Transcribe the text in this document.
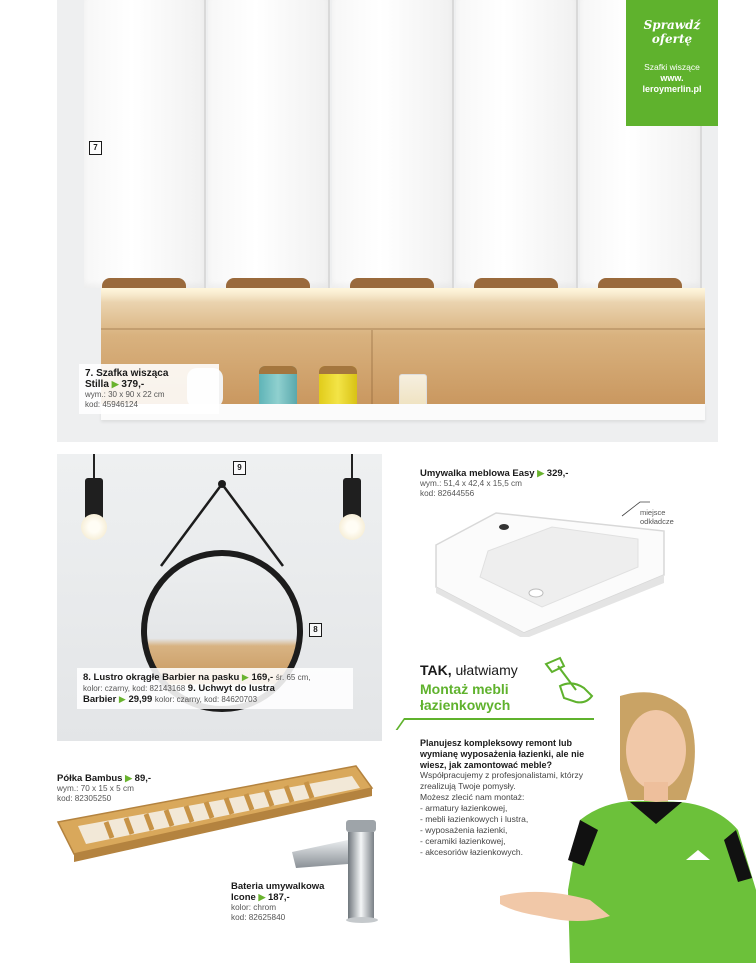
7
7. Szafka wisząca
Stilla ▶ 379,-
wym.: 30 x 90 x 22 cm
kod: 45946124
Sprawdź
ofertę
Szafki wiszące
www.
leroymerlin.pl
9
8
8. Lustro okrągłe Barbier na pasku ▶ 169,- śr. 65 cm,
kolor: czarny, kod: 82143168 9. Uchwyt do lustra
Barbier ▶ 29,99 kolor: czarny, kod: 84620703
Umywalka meblowa Easy ▶ 329,-
wym.: 51,4 x 42,4 x 15,5 cm
kod: 82644556
miejsce
odkładcze
TAK, ułatwiamy
Montaż mebli
łazienkowych
Planujesz kompleksowy remont lub wymianę wyposażenia łazienki, ale nie wiesz, jak zamontować meble?
Współpracujemy z profesjonalistami, którzy zrealizują Twoje pomysły.
Możesz zlecić nam montaż:
- armatury łazienkowej,
- mebli łazienkowych i lustra,
- wyposażenia łazienki,
- ceramiki łazienkowej,
- akcesoriów łazienkowych.
Półka Bambus ▶ 89,-
wym.: 70 x 15 x 5 cm
kod: 82305250
Bateria umywalkowa
Icone ▶ 187,-
kolor: chrom
kod: 82625840
